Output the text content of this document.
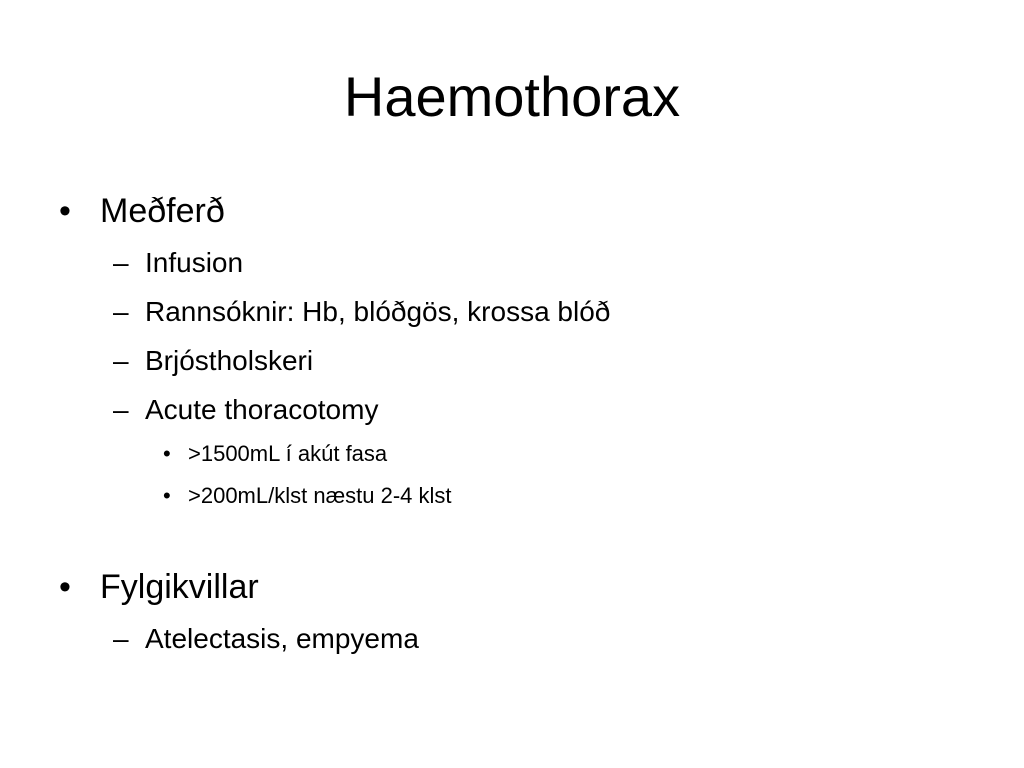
Haemothorax
• Meðferð
– Infusion
– Rannsóknir: Hb, blóðgös, krossa blóð
– Brjóstholskeri
– Acute thoracotomy
• >1500mL í akút fasa
• >200mL/klst næstu 2-4 klst
• Fylgikvillar
– Atelectasis, empyema
